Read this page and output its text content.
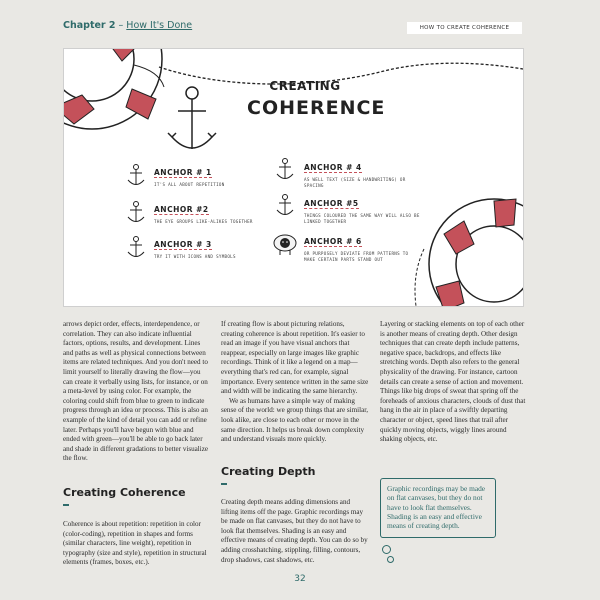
Chapter 2 – How It's Done	HOW TO CREATE COHERENCE
CREATING
COHERENCE
ANCHOR # 1
IT'S ALL ABOUT REPETITION
ANCHOR #2
THE EYE GROUPS LIKE-ALIKES TOGETHER
ANCHOR # 3
TRY IT WITH ICONS AND SYMBOLS
ANCHOR # 4
AS WELL TEXT (SIZE & HANDWRITING) OR SPACING
ANCHOR #5
THINGS COLOURED THE SAME WAY WILL ALSO BE LINKED TOGETHER
ANCHOR # 6
OR PURPOSELY DEVIATE FROM PATTERNS TO MAKE CERTAIN PARTS STAND OUT

arrows depict order, effects, interdependence, or correlation. They can also indicate influential factors, options, results, and development. Lines and paths as well as physical connections between items are related techniques. And you don't need to limit yourself to literally drawing the flow—you can create it verbally using lists, for instance, or on a meta-level by using color. For example, the coloring could shift from blue to green to indicate progress through an idea or process. This is also an example of the kind of detail you can add or refine later. Perhaps you'll have begun with blue and ended with green—you'll be able to go back later and shade in different gradations to better visualize the flow.

Creating Coherence

Coherence is about repetition: repetition in color (color-coding), repetition in shapes and forms (similar characters, line weight), repetition in typography (size and style), repetition in structural elements (frames, boxes, etc.).

If creating flow is about picturing relations, creating coherence is about repetition. It's easier to read an image if you have visual anchors that reappear, especially on large images like graphic recordings. Think of it like a legend on a map—everything that's red can, for example, signal importance. Every sentence written in the same size and width will be indicating the same hierarchy.

We as humans have a simple way of making sense of the world: we group things that are similar, look alike, are close to each other or move in the same direction. It helps us break down complexity and understand visuals more quickly.

Creating Depth

Creating depth means adding dimensions and lifting items off the page. Graphic recordings may be made on flat canvases, but they do not have to look flat themselves. Shading is an easy and effective means of creating depth. You can do so by adding crosshatching, stippling, filling, contours, drop shadows, cast shadows, etc.

Layering or stacking elements on top of each other is another means of creating depth. Other design techniques that can create depth include patterns, negative space, backdrops, and effects like stretching words. Depth also refers to the general physicality of the drawing. For instance, cartoon details can create a sense of action and movement. Things like big drops of sweat that spring off the foreheads of anxious characters, clouds of dust that hang in the air in place of a swiftly departing character or object, speed lines that trail after quickly moving objects, wiggly lines around shaking objects, etc.

Graphic recordings may be made on flat canvases, but they do not have to look flat themselves. Shading is an easy and effective means of creating depth.
32
